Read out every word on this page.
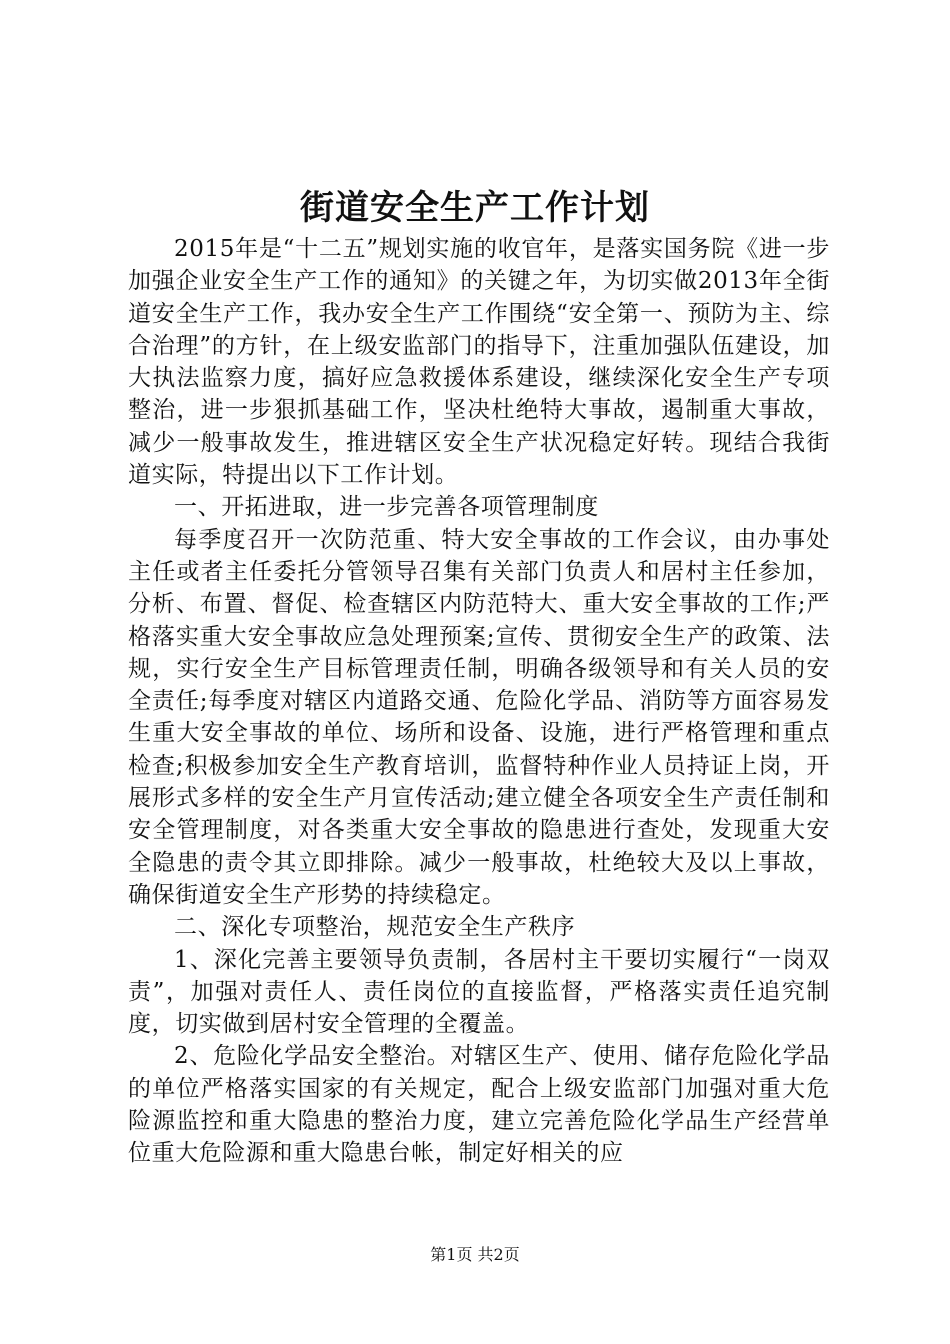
街道安全生产工作计划

2015年是“十二五”规划实施的收官年，是落实国务院《进一步加强企业安全生产工作的通知》的关键之年，为切实做2013年全街道安全生产工作，我办安全生产工作围绕“安全第一、预防为主、综合治理”的方针，在上级安监部门的指导下，注重加强队伍建设，加大执法监察力度，搞好应急救援体系建设，继续深化安全生产专项整治，进一步狠抓基础工作，坚决杜绝特大事故，遏制重大事故，减少一般事故发生，推进辖区安全生产状况稳定好转。现结合我街道实际，特提出以下工作计划。

一、开拓进取，进一步完善各项管理制度

每季度召开一次防范重、特大安全事故的工作会议，由办事处主任或者主任委托分管领导召集有关部门负责人和居村主任参加，分析、布置、督促、检查辖区内防范特大、重大安全事故的工作;严格落实重大安全事故应急处理预案;宣传、贯彻安全生产的政策、法规，实行安全生产目标管理责任制，明确各级领导和有关人员的安全责任;每季度对辖区内道路交通、危险化学品、消防等方面容易发生重大安全事故的单位、场所和设备、设施，进行严格管理和重点检查;积极参加安全生产教育培训，监督特种作业人员持证上岗，开展形式多样的安全生产月宣传活动;建立健全各项安全生产责任制和安全管理制度，对各类重大安全事故的隐患进行查处，发现重大安全隐患的责令其立即排除。减少一般事故，杜绝较大及以上事故，确保街道安全生产形势的持续稳定。

二、深化专项整治，规范安全生产秩序

1、深化完善主要领导负责制，各居村主干要切实履行“一岗双责”，加强对责任人、责任岗位的直接监督，严格落实责任追究制度，切实做到居村安全管理的全覆盖。

2、危险化学品安全整治。对辖区生产、使用、储存危险化学品的单位严格落实国家的有关规定，配合上级安监部门加强对重大危险源监控和重大隐患的整治力度，建立完善危险化学品生产经营单位重大危险源和重大隐患台帐，制定好相关的应

第1页 共2页
